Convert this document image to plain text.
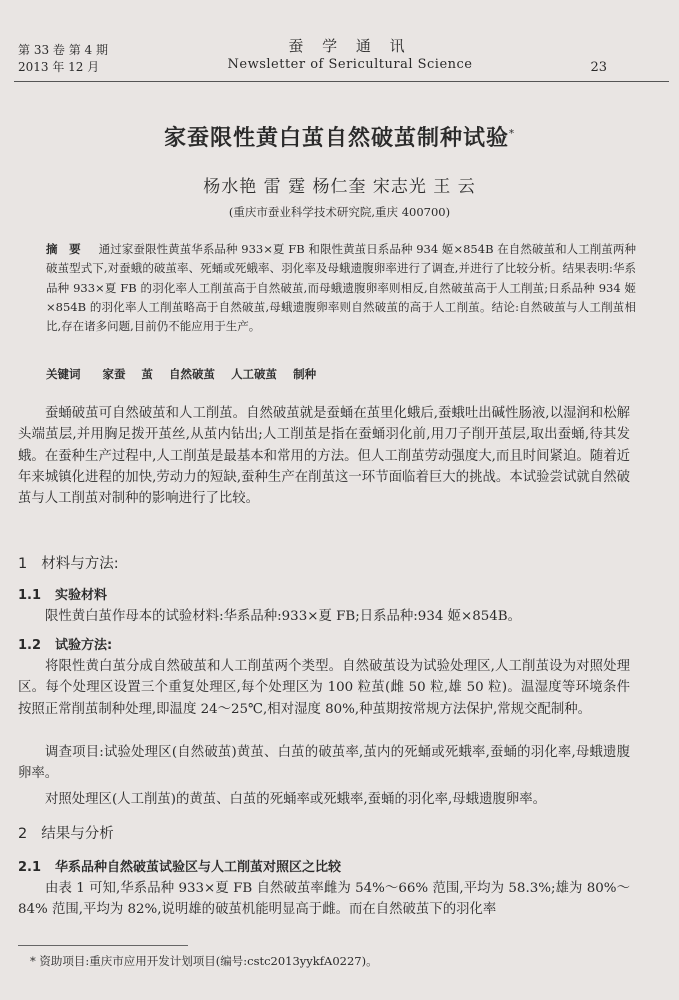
第 33 卷 第 4 期
2013 年 12 月
蚕 学 通 讯
Newsletter of Sericultural Science	23
家蚕限性黄白茧自然破茧制种试验*
杨水艳 雷 霆 杨仁奎 宋志光 王 云
(重庆市蚕业科学技术研究院,重庆 400700)
摘　要 通过家蚕限性黄茧华系品种 933×夏 FB 和限性黄茧日系品种 934 姬×854B 在自然破茧和人工削茧两种破茧型式下,对蚕蛾的破茧率、死蛹或死蛾率、羽化率及母蛾遗腹卵率进行了调查,并进行了比较分析。结果表明:华系品种 933×夏 FB 的羽化率人工削茧高于自然破茧,而母蛾遗腹卵率则相反,自然破茧高于人工削茧;日系品种 934 姬×854B 的羽化率人工削茧略高于自然破茧,母蛾遗腹卵率则自然破茧的高于人工削茧。结论:自然破茧与人工削茧相比,存在诸多问题,目前仍不能应用于生产。
关键词 家蚕 茧 自然破茧 人工破茧 制种
蚕蛹破茧可自然破茧和人工削茧。自然破茧就是蚕蛹在茧里化蛾后,蚕蛾吐出碱性肠液,以湿润和松解头端茧层,并用胸足拨开茧丝,从茧内钻出;人工削茧是指在蚕蛹羽化前,用刀子削开茧层,取出蚕蛹,待其发蛾。在蚕种生产过程中,人工削茧是最基本和常用的方法。但人工削茧劳动强度大,而且时间紧迫。随着近年来城镇化进程的加快,劳动力的短缺,蚕种生产在削茧这一环节面临着巨大的挑战。本试验尝试就自然破茧与人工削茧对制种的影响进行了比较。
1 材料与方法:
1.1 实验材料
限性黄白茧作母本的试验材料:华系品种:933×夏 FB;日系品种:934 姬×854B。
1.2 试验方法:
将限性黄白茧分成自然破茧和人工削茧两个类型。自然破茧设为试验处理区,人工削茧设为对照处理区。每个处理区设置三个重复处理区,每个处理区为 100 粒茧(雌 50 粒,雄 50 粒)。温湿度等环境条件按照正常削茧制种处理,即温度 24～25℃,相对湿度 80%,种茧期按常规方法保护,常规交配制种。
调查项目:试验处理区(自然破茧)黄茧、白茧的破茧率,茧内的死蛹或死蛾率,蚕蛹的羽化率,母蛾遗腹卵率。
对照处理区(人工削茧)的黄茧、白茧的死蛹率或死蛾率,蚕蛹的羽化率,母蛾遗腹卵率。
2 结果与分析
2.1 华系品种自然破茧试验区与人工削茧对照区之比较
由表 1 可知,华系品种 933×夏 FB 自然破茧率雌为 54%～66% 范围,平均为 58.3%;雄为 80%～84% 范围,平均为 82%,说明雄的破茧机能明显高于雌。而在自然破茧下的羽化率
* 资助项目:重庆市应用开发计划项目(编号:cstc2013yykfA0227)。
